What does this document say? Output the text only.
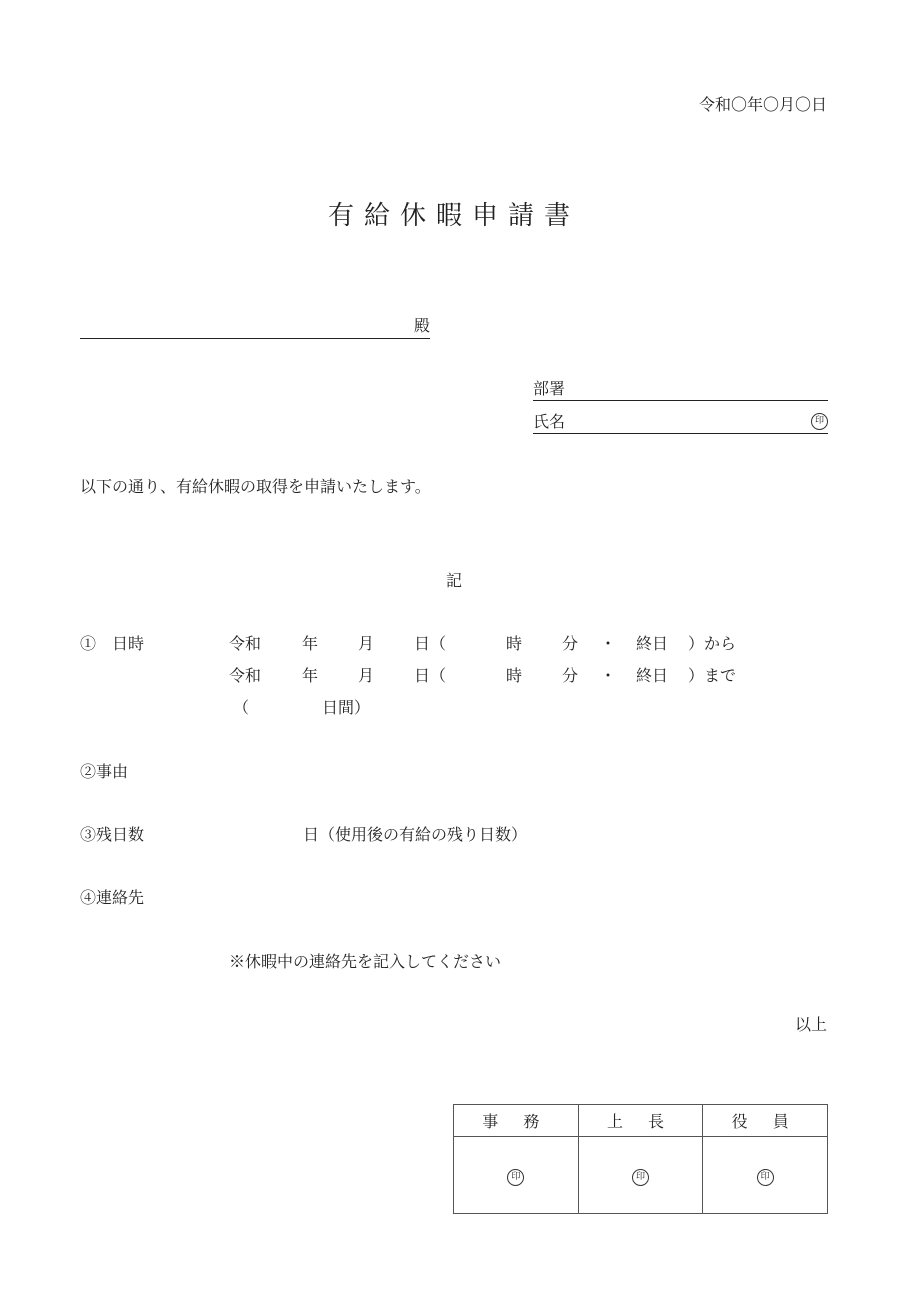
令和〇年〇月〇日
有給休暇申請書
殿
部署
氏名	印
以下の通り、有給休暇の取得を申請いたします。
記
①　日時	令和	年 月 日（	時 分 ・ 終日 ）から
令和	年 月 日（	時 分 ・ 終日 ）まで
（	日間）
②事由
③残日数	日（使用後の有給の残り日数）
④連絡先
※休暇中の連絡先を記入してください
以上
事 務	上 長	役 員
印	印	印
